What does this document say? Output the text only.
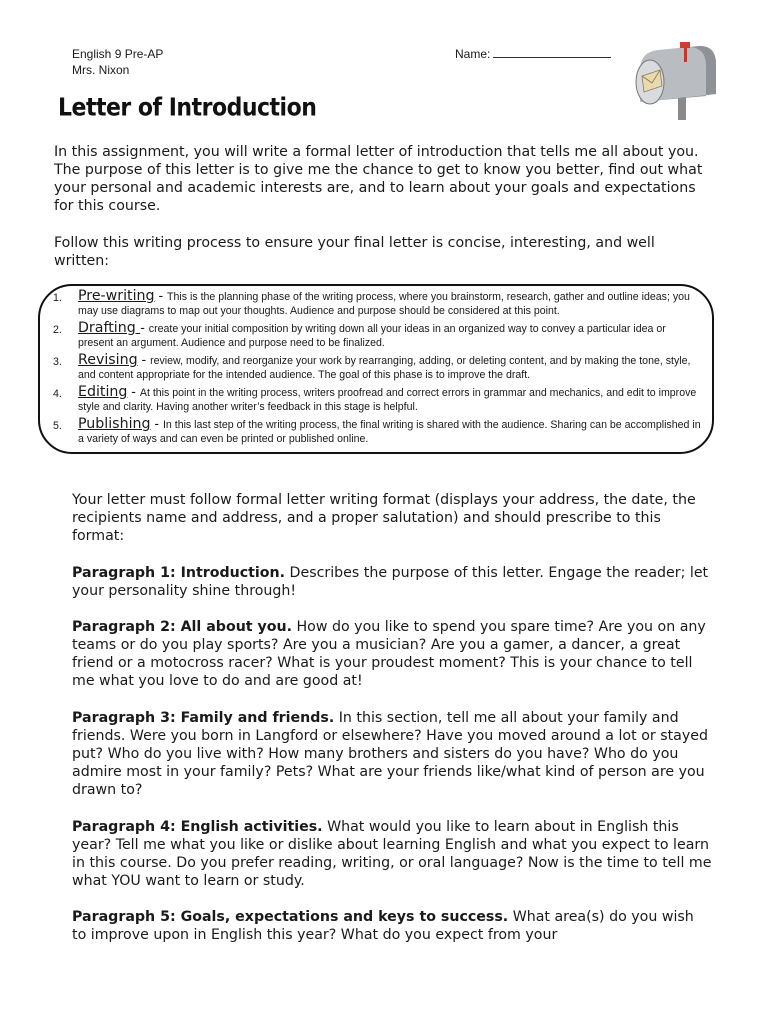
English 9 Pre-AP
Mrs. Nixon
Name:
Letter of Introduction

In this assignment, you will write a formal letter of introduction that tells me all about you. The purpose of this letter is to give me the chance to get to know you better, find out what your personal and academic interests are, and to learn about your goals and expectations for this course.

Follow this writing process to ensure your final letter is concise, interesting, and well written:

1. Pre-writing - This is the planning phase of the writing process, where you brainstorm, research, gather and outline ideas; you may use diagrams to map out your thoughts. Audience and purpose should be considered at this point.
2. Drafting - create your initial composition by writing down all your ideas in an organized way to convey a particular idea or present an argument. Audience and purpose need to be finalized.
3. Revising - review, modify, and reorganize your work by rearranging, adding, or deleting content, and by making the tone, style, and content appropriate for the intended audience. The goal of this phase is to improve the draft.
4. Editing - At this point in the writing process, writers proofread and correct errors in grammar and mechanics, and edit to improve style and clarity. Having another writer’s feedback in this stage is helpful.
5. Publishing - In this last step of the writing process, the final writing is shared with the audience. Sharing can be accomplished in a variety of ways and can even be printed or published online.

Your letter must follow formal letter writing format (displays your address, the date, the recipients name and address, and a proper salutation) and should prescribe to this format:

Paragraph 1: Introduction. Describes the purpose of this letter. Engage the reader; let your personality shine through!

Paragraph 2: All about you. How do you like to spend you spare time? Are you on any teams or do you play sports? Are you a musician? Are you a gamer, a dancer, a great friend or a motocross racer? What is your proudest moment? This is your chance to tell me what you love to do and are good at!

Paragraph 3: Family and friends. In this section, tell me all about your family and friends. Were you born in Langford or elsewhere? Have you moved around a lot or stayed put? Who do you live with? How many brothers and sisters do you have? Who do you admire most in your family? Pets? What are your friends like/what kind of person are you drawn to?

Paragraph 4: English activities. What would you like to learn about in English this year? Tell me what you like or dislike about learning English and what you expect to learn in this course. Do you prefer reading, writing, or oral language? Now is the time to tell me what YOU want to learn or study.

Paragraph 5: Goals, expectations and keys to success. What area(s) do you wish to improve upon in English this year? What do you expect from your
